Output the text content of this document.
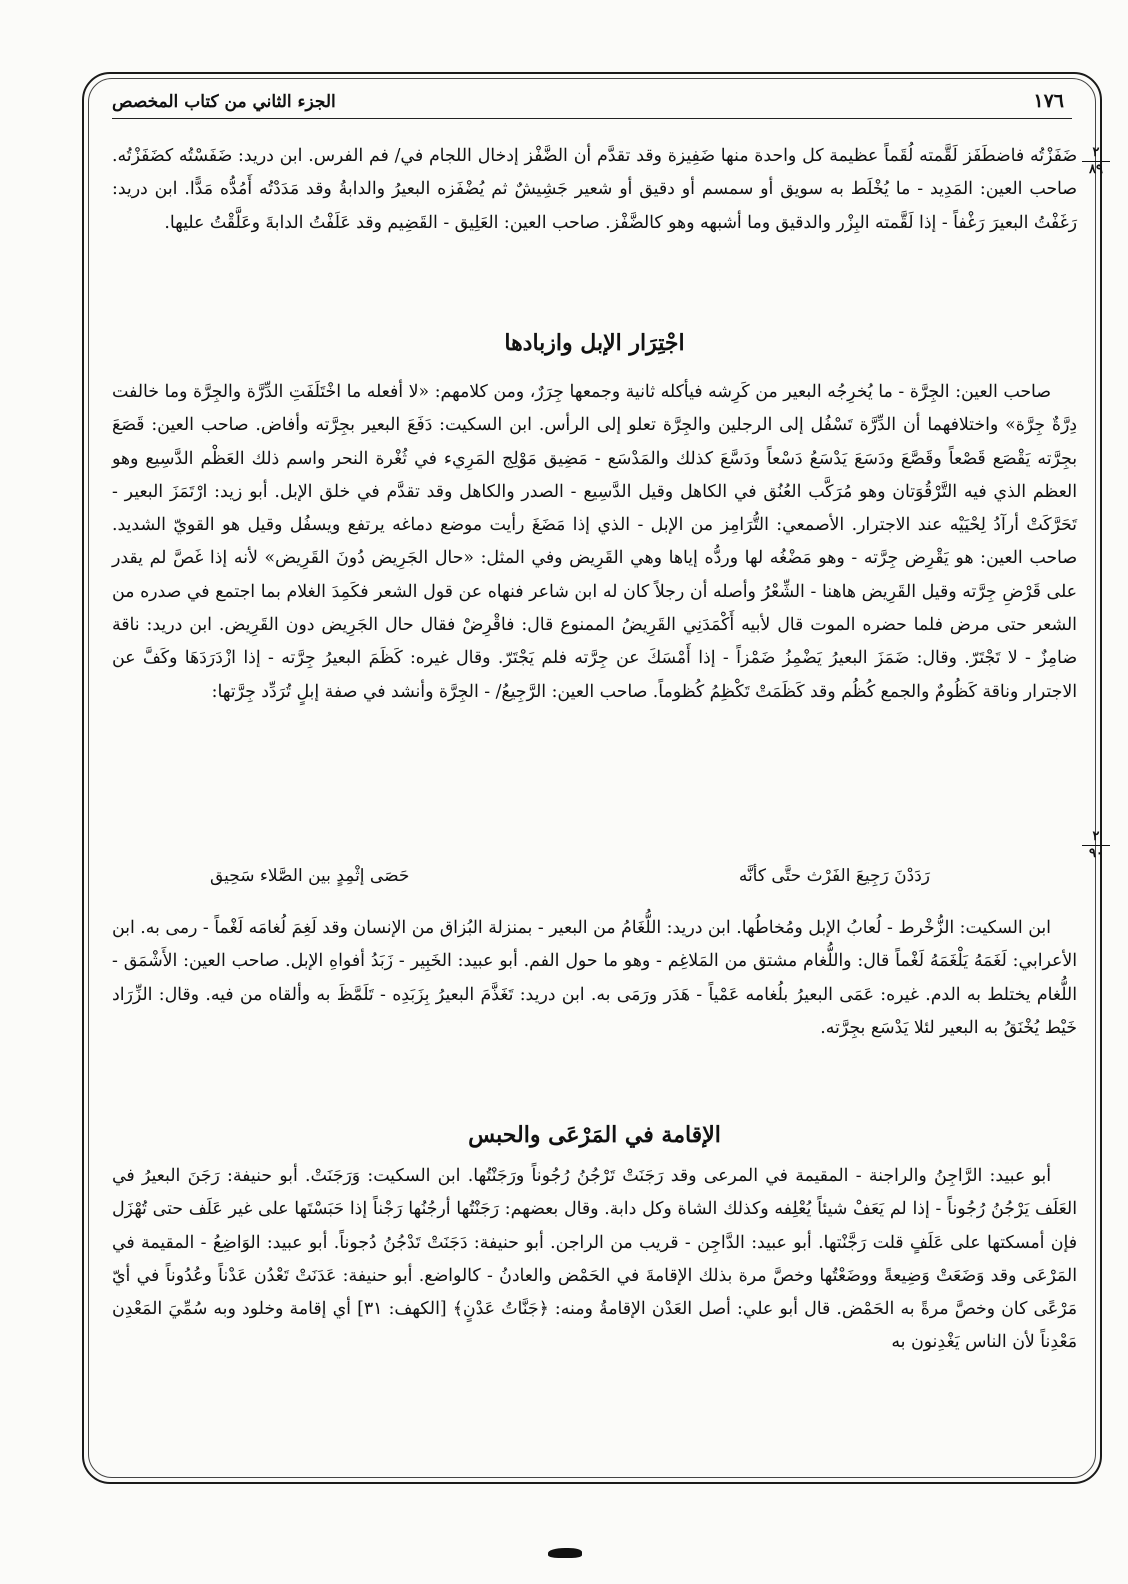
الجزء الثاني من كتاب المخصص	١٧٦
٢
٨٩
٢
٩٠

ضَفَزْتُه فاضطَفَز لَقَّمته لُقَماً عظيمة كل واحدة منها ضَفِيزة وقد تقدَّم أن الضَّفْز إدخال اللجام في/ فم الفرس. ابن دريد: ضَفَسْتُه كضَفَزْتُه. صاحب العين: المَدِيد - ما يُخْلَط به سويق أو سمسم أو دقيق أو شعير جَشِيشٌ ثم يُضْفَزه البعيرُ والدابةُ وقد مَدَدْتُه أَمُدُّه مَدًّا. ابن دريد: رَغَفْتُ البعيرَ رَغْفاً - إذا لَقَّمته البِزْر والدقيق وما أشبهه وهو كالضَّفْز. صاحب العين: العَلِيق - القَضِيم وقد عَلَفْتُ الدابةَ وعَلَّقْتُ عليها.

اجْتِرَار الإبل وازبادها

صاحب العين: الجِرَّة - ما يُخرِجُه البعير من كَرِشه فيأكله ثانية وجمعها جِرَرٌ، ومن كلامهم: «لا أفعله ما اخْتَلَفَتِ الدِّرَّة والجِرَّة وما خالفت دِرَّةٌ جِرَّة» واختلافهما أن الدِّرَّة تَسْفُل إلى الرجلين والجِرَّة تعلو إلى الرأس. ابن السكيت: دَفَعَ البعير بجِرَّته وأفاض. صاحب العين: قَصَعَ بجِرَّته يَقْصَع قَصْعاً وقَصَّعَ ودَسَعَ يَدْسَعُ دَسْعاً ودَسَّعَ كذلك والمَدْسَع - مَضِيق مَوْلِج المَرِيء في ثُغْرة النحر واسم ذلك العَظْم الدَّسِيع وهو العظم الذي فيه التَّرْقُوَتان وهو مُرَكَّب العُنُق في الكاهل وقيل الدَّسِيع - الصدر والكاهل وقد تقدَّم في خلق الإبل. أبو زيد: ارْتَمَزَ البعير - تَحَرَّكَتْ أرآدُ لِحْيَيْه عند الاجترار. الأصمعي: التُّرَامِز من الإبل - الذي إذا مَضَغَ رأيت موضع دماغه يرتفع ويسفُل وقيل هو القويّ الشديد. صاحب العين: هو يَقْرِض جِرَّته - وهو مَضْغُه لها وردُّه إياها وهي القَرِيض وفي المثل: «حال الجَرِيض دُونَ القَرِيض» لأنه إذا غَصَّ لم يقدر على قَرْضِ جِرَّته وقيل القَرِيض هاهنا - الشِّعْرُ وأصله أن رجلاً كان له ابن شاعر فنهاه عن قول الشعر فكَمِدَ الغلام بما اجتمع في صدره من الشعر حتى مرض فلما حضره الموت قال لأبيه أَكْمَدَنِي القَرِيضُ الممنوع قال: فاقْرِضْ فقال حال الجَرِيض دون القَرِيض. ابن دريد: ناقة ضامِزٌ - لا تَجْتَرّ. وقال: ضَمَزَ البعيرُ يَضْمِزُ ضَمْزاً - إذا أَمْسَكَ عن جِرَّته فلم يَجْتَرّ. وقال غيره: كَظَمَ البعيرُ جِرَّته - إذا ازْدَرَدَهَا وكَفَّ عن الاجترار وناقة كَظُومٌ والجمع كُظُم وقد كَظَمَتْ تَكْظِمُ كُظوماً. صاحب العين: الرَّجِيعُ/ - الجِرَّة وأنشد في صفة إبلٍ تُرَدِّد جِرَّتها:

رَدَدْنَ رَجِيعَ الفَرْث حتَّى كأنَّه
حَصَى إثْمِدٍ بين الصَّلاء سَحِيق

ابن السكيت: الزُّخْرط - لُعابُ الإبل ومُخاطُها. ابن دريد: اللُّغَامُ من البعير - بمنزلة البُزاق من الإنسان وقد لَغِمَ لُغامَه لَغْماً - رمى به. ابن الأعرابي: لَغَمَهُ يَلْغَمَهُ لَغْماً قال: واللُّغام مشتق من المَلاغِم - وهو ما حول الفم. أبو عبيد: الخَبِير - زَبَدُ أفواهِ الإبل. صاحب العين: الأَشْمَق - اللُّغام يختلط به الدم. غيره: عَمَى البعيرُ بلُغامه عَمْياً - هَدَر ورَمَى به. ابن دريد: تَغَذَّمَ البعيرُ بِزَبَدِه - تَلَمَّظَ به وألقاه من فيه. وقال: الزِّرَاد خَيْط يُخْنَقُ به البعير لئلا يَدْسَع بجِرَّته.

الإقامة في المَرْعَى والحبس

أبو عبيد: الرَّاجِنُ والراجنة - المقيمة في المرعى وقد رَجَنَتْ تَرْجُنُ رُجُوناً ورَجَنْتُها. ابن السكيت: وَرَجَنَتْ. أبو حنيفة: رَجَنَ البعيرُ في العَلَف يَرْجُنُ رُجُوناً - إذا لم يَعَفْ شيئاً يُعْلِفه وكذلك الشاة وكل دابة. وقال بعضهم: رَجَنْتُها أرجُنُها رَجْناً إذا حَبَسْتَها على غير عَلَف حتى تُهْزَل فإن أمسكتها على عَلَفٍ قلت رَجَّنْتها. أبو عبيد: الدَّاجِن - قريب من الراجن. أبو حنيفة: دَجَنَتْ تَدْجُنُ دُجوناً. أبو عبيد: الوَاضِعُ - المقيمة في المَرْعَى وقد وَضَعَتْ وَضِيعةً ووضَعْتُها وخصَّ مرة بذلك الإقامةَ في الحَمْض والعادنُ - كالواضع. أبو حنيفة: عَدَنَتْ تَعْدُن عَدْناً وعُدُوناً في أيّ مَرْعًى كان وخصَّ مرةً به الحَمْض. قال أبو علي: أصل العَدْن الإقامةُ ومنه: ﴿جَنَّاتُ عَدْنٍ﴾ [الكهف: ٣١] أي إقامة وخلود وبه سُمِّيَ المَعْدِن مَعْدِناً لأن الناس يَغْدِنون به
